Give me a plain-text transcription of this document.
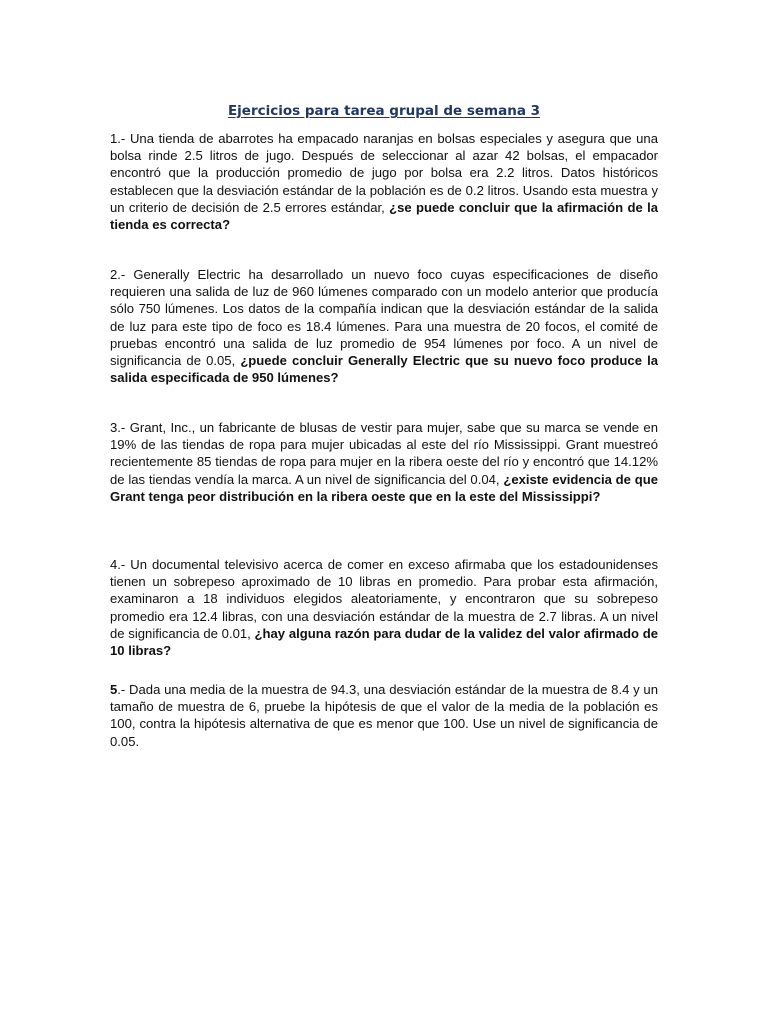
Ejercicios para tarea grupal de semana 3

1.- Una tienda de abarrotes ha empacado naranjas en bolsas especiales y asegura que una bolsa rinde 2.5 litros de jugo. Después de seleccionar al azar 42 bolsas, el empacador encontró que la producción promedio de jugo por bolsa era 2.2 litros. Datos históricos establecen que la desviación estándar de la población es de 0.2 litros. Usando esta muestra y un criterio de decisión de 2.5 errores estándar, ¿se puede concluir que la afirmación de la tienda es correcta?

2.- Generally Electric ha desarrollado un nuevo foco cuyas especificaciones de diseño requieren una salida de luz de 960 lúmenes comparado con un modelo anterior que producía sólo 750 lúmenes. Los datos de la compañía indican que la desviación estándar de la salida de luz para este tipo de foco es 18.4 lúmenes. Para una muestra de 20 focos, el comité de pruebas encontró una salida de luz promedio de 954 lúmenes por foco. A un nivel de significancia de 0.05, ¿puede concluir Generally Electric que su nuevo foco produce la salida especificada de 950 lúmenes?

3.- Grant, Inc., un fabricante de blusas de vestir para mujer, sabe que su marca se vende en 19% de las tiendas de ropa para mujer ubicadas al este del río Mississippi. Grant muestreó recientemente 85 tiendas de ropa para mujer en la ribera oeste del río y encontró que 14.12% de las tiendas vendía la marca. A un nivel de significancia del 0.04, ¿existe evidencia de que Grant tenga peor distribución en la ribera oeste que en la este del Mississippi?

4.- Un documental televisivo acerca de comer en exceso afirmaba que los estadounidenses tienen un sobrepeso aproximado de 10 libras en promedio. Para probar esta afirmación, examinaron a 18 individuos elegidos aleatoriamente, y encontraron que su sobrepeso promedio era 12.4 libras, con una desviación estándar de la muestra de 2.7 libras. A un nivel de significancia de 0.01, ¿hay alguna razón para dudar de la validez del valor afirmado de 10 libras?

5.- Dada una media de la muestra de 94.3, una desviación estándar de la muestra de 8.4 y un tamaño de muestra de 6, pruebe la hipótesis de que el valor de la media de la población es 100, contra la hipótesis alternativa de que es menor que 100. Use un nivel de significancia de 0.05.
